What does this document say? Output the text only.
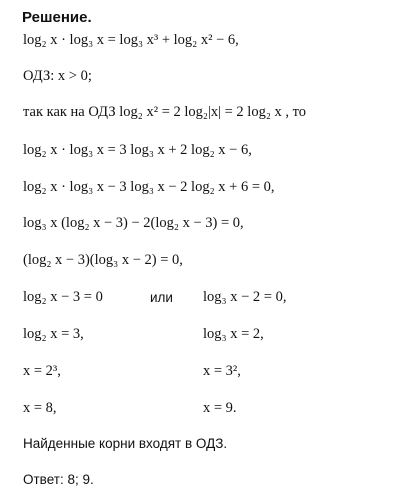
Решение.

log₂ x · log₃ x = log₃ x³ + log₂ x² − 6,
ОДЗ: x > 0;
так как на ОДЗ log₂ x² = 2 log₂|x| = 2 log₂ x , то
log₂ x · log₃ x = 3 log₃ x + 2 log₂ x − 6,
log₂ x · log₃ x − 3 log₃ x − 2 log₂ x + 6 = 0,
log₃ x (log₂ x − 3) − 2(log₂ x − 3) = 0,
(log₂ x − 3)(log₃ x − 2) = 0,
log₂ x − 3 = 0	или log₃ x − 2 = 0,
log₂ x = 3,	log₃ x = 2,
x = 2³,	x = 3²,
x = 8,	x = 9.
Найденные корни входят в ОДЗ.
Ответ: 8; 9.
